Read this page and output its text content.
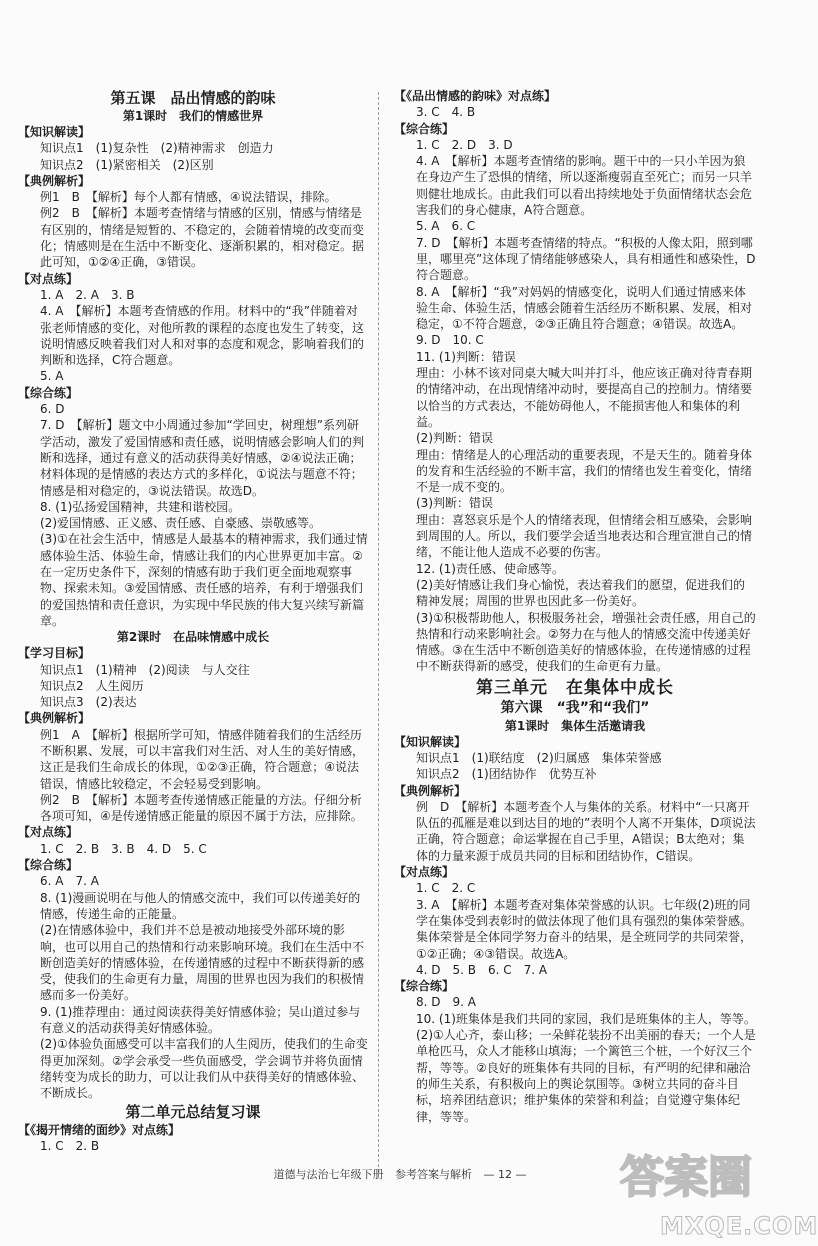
第五课　品出情感的韵味

第1课时　我们的情感世界

【知识解读】

知识点1　(1)复杂性　(2)精神需求　创造力

知识点2　(1)紧密相关　(2)区别

【典例解析】

例1　B　【解析】每个人都有情感，④说法错误，排除。

例2　B　【解析】本题考查情绪与情感的区别，情感与情绪是有区别的，情绪是短暂的、不稳定的，会随着情境的改变而变化；情感则是在生活中不断变化、逐渐积累的，相对稳定。据此可知，①②④正确，③错误。

【对点练】

1. A　2. A　3. B

4. A　【解析】本题考查情感的作用。材料中的“我”伴随着对张老师情感的变化，对他所教的课程的态度也发生了转变，这说明情感反映着我们对人和对事的态度和观念，影响着我们的判断和选择，C符合题意。

5. A

【综合练】

6. D

7. D　【解析】题文中小周通过参加“学回史，树理想”系列研学活动，激发了爱国情感和责任感，说明情感会影响人们的判断和选择，通过有意义的活动获得美好情感，②④说法正确；材料体现的是情感的表达方式的多样化，①说法与题意不符；情感是相对稳定的，③说法错误。故选D。

8. (1)弘扬爱国精神，共建和谐校园。

(2)爱国情感、正义感、责任感、自豪感、崇敬感等。

(3)①在社会生活中，情感是人最基本的精神需求，我们通过情感体验生活、体验生命，情感让我们的内心世界更加丰富。②在一定历史条件下，深刻的情感有助于我们更全面地观察事物、探索未知。③爱国情感、责任感的培养，有利于增强我们的爱国热情和责任意识，为实现中华民族的伟大复兴续写新篇章。

第2课时　在品味情感中成长

【学习目标】

知识点1　(1)精神　(2)阅读　与人交往

知识点2　人生阅历

知识点3　(2)表达

【典例解析】

例1　A　【解析】根据所学可知，情感伴随着我们的生活经历不断积累、发展，可以丰富我们对生活、对人生的美好情感，这正是我们生命成长的体现，①②③正确，符合题意；④说法错误，情感比较稳定，不会轻易受到影响。

例2　B　【解析】本题考查传递情感正能量的方法。仔细分析各项可知，④是传递情感正能量的原因不属于方法，应排除。

【对点练】

1. C　2. B　3. B　4. D　5. C

【综合练】

6. A　7. A

8. (1)漫画说明在与他人的情感交流中，我们可以传递美好的情感，传递生命的正能量。

(2)在情感体验中，我们并不总是被动地接受外部环境的影响，也可以用自己的热情和行动来影响环境。我们在生活中不断创造美好的情感体验，在传递情感的过程中不断获得新的感受，使我们的生命更有力量，周围的世界也因为我们的积极情感而多一份美好。

9. (1)推荐理由：通过阅读获得美好情感体验；吴山道过参与有意义的活动获得美好情感体验。

(2)①体验负面感受可以丰富我们的人生阅历，使我们的生命变得更加深刻。②学会承受一些负面感受，学会调节并将负面情绪转变为成长的助力，可以让我们从中获得美好的情感体验、不断成长。

第二单元总结复习课

【《揭开情绪的面纱》对点练】

1. C　2. B

【《品出情感的韵味》对点练】

3. C　4. B

【综合练】

1. C　2. D　3. D

4. A　【解析】本题考查情绪的影响。题干中的一只小羊因为狼在身边产生了恐惧的情绪，所以逐渐瘦弱直至死亡；而另一只羊则健壮地成长。由此我们可以看出持续地处于负面情绪状态会危害我们的身心健康，A符合题意。

5. A　6. C

7. D　【解析】本题考查情绪的特点。“积极的人像太阳，照到哪里，哪里亮”这体现了情绪能够感染人，具有相通性和感染性，D符合题意。

8. A　【解析】“我”对妈妈的情感变化，说明人们通过情感来体验生命、体验生活，情感会随着生活经历不断积累、发展，相对稳定，①不符合题意，②③正确且符合题意；④错误。故选A。

9. D　10. C

11. (1)判断：错误

理由：小林不该对同桌大喊大叫并打斗，他应该正确对待青春期的情绪冲动，在出现情绪冲动时，要提高自己的控制力。情绪要以恰当的方式表达，不能妨碍他人，不能损害他人和集体的利益。

(2)判断：错误

理由：情绪是人的心理活动的重要表现，不是天生的。随着身体的发育和生活经验的不断丰富，我们的情绪也发生着变化，情绪不是一成不变的。

(3)判断：错误

理由：喜怒哀乐是个人的情绪表现，但情绪会相互感染，会影响到周围的人。所以，我们要学会适当地表达和合理宣泄自己的情绪，不能让他人造成不必要的伤害。

12. (1)责任感、使命感等。

(2)美好情感让我们身心愉悦，表达着我们的愿望，促进我们的精神发展；周围的世界也因此多一份美好。

(3)①积极帮助他人，积极服务社会，增强社会责任感，用自己的热情和行动来影响社会。②努力在与他人的情感交流中传递美好情感。③在生活中不断创造美好的情感体验，在传递情感的过程中不断获得新的感受，使我们的生命更有力量。

第三单元　在集体中成长

第六课　“我”和“我们”

第1课时　集体生活邀请我

【知识解读】

知识点1　(1)联结度　(2)归属感　集体荣誉感

知识点2　(1)团结协作　优势互补

【典例解析】

例　D　【解析】本题考查个人与集体的关系。材料中“一只离开队伍的孤雁是难以到达目的地的”表明个人离不开集体，D项说法正确，符合题意；命运掌握在自己手里，A错误；B太绝对；集体的力量来源于成员共同的目标和团结协作，C错误。

【对点练】

1. C　2. C

3. A　【解析】本题考查对集体荣誉感的认识。七年级(2)班的同学在集体受到表彰时的做法体现了他们具有强烈的集体荣誉感。集体荣誉是全体同学努力奋斗的结果，是全班同学的共同荣誉，①②正确；④③错误。故选A。

4. D　5. B　6. C　7. A

【综合练】

8. D　9. A

10. (1)班集体是我们共同的家园，我们是班集体的主人，等等。

(2)①人心齐，泰山移；一朵鲜花装扮不出美丽的春天；一个人是单枪匹马，众人才能移山填海；一个篱笆三个桩，一个好汉三个帮，等等。②良好的班集体有共同的目标，有严明的纪律和融洽的师生关系，有积极向上的舆论氛围等。③树立共同的奋斗目标，培养团结意识；维护集体的荣誉和利益；自觉遵守集体纪律，等等。

道德与法治七年级下册 参考答案与解析 — 12 —	答案圈
MXQE.COM
